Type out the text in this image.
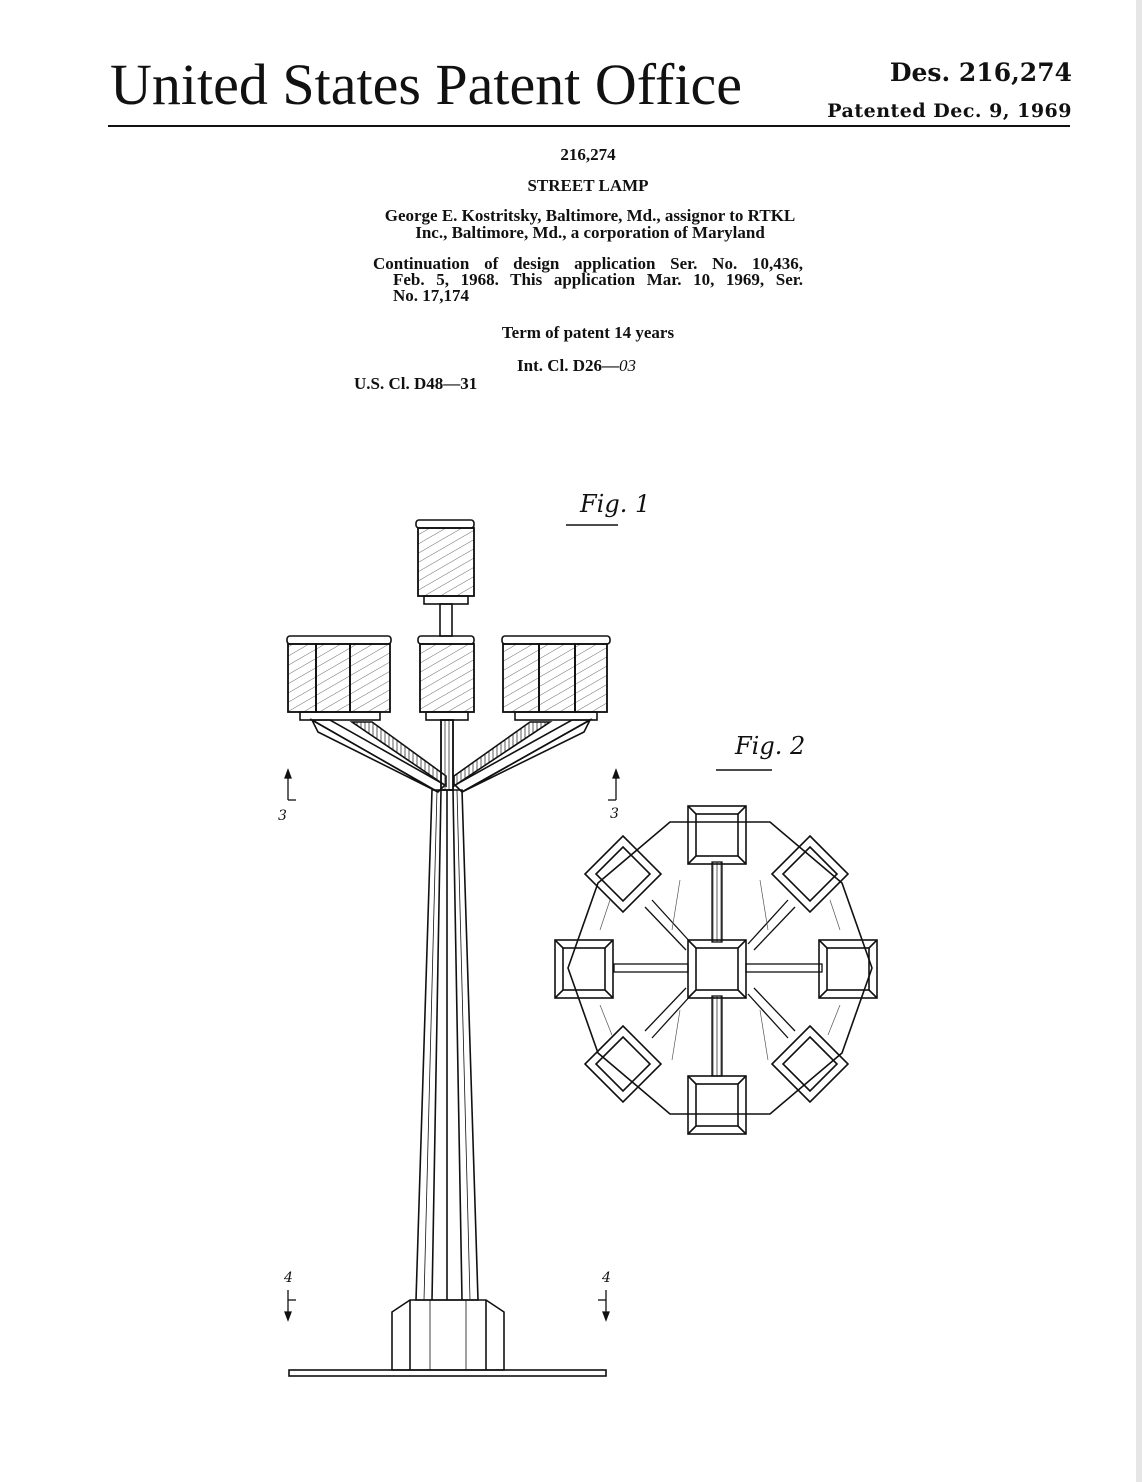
United States Patent Office	Des. 216,274
Patented Dec. 9, 1969
216,274
STREET LAMP
George E. Kostritsky, Baltimore, Md., assignor to RTKL
Inc., Baltimore, Md., a corporation of Maryland
Continuation of design application Ser. No. 10,436,
Feb. 5, 1968. This application Mar. 10, 1969, Ser.
No. 17,174
Term of patent 14 years
Int. Cl. D26—03
U.S. Cl. D48—31
Fig. 1
3	3
4	4
Fig. 2
